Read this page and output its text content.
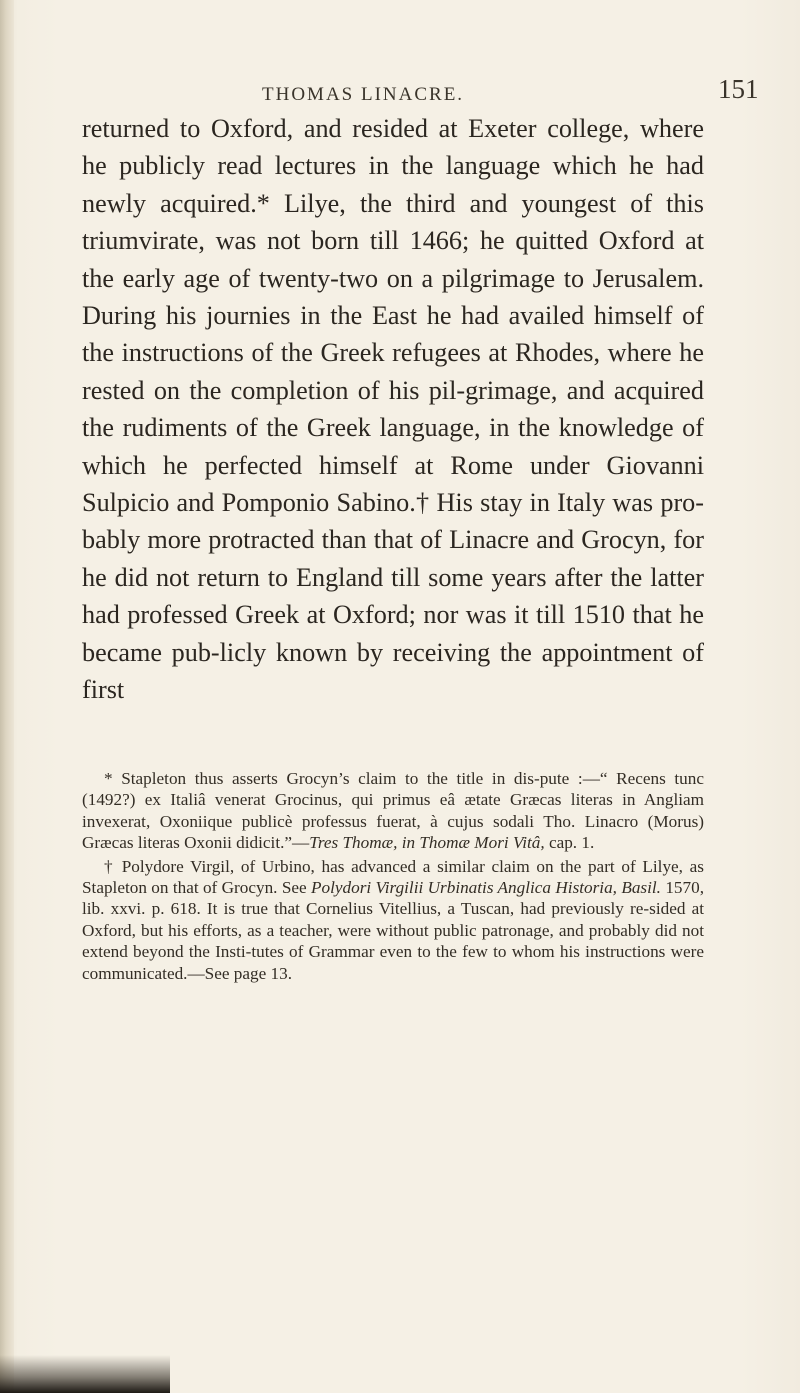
THOMAS LINACRE.	151

returned to Oxford, and resided at Exeter college, where he publicly read lectures in the language which he had newly acquired.* Lilye, the third and youngest of this triumvirate, was not born till 1466; he quitted Oxford at the early age of twenty-two on a pilgrimage to Jerusalem. During his journies in the East he had availed himself of the instructions of the Greek refugees at Rhodes, where he rested on the completion of his pil-grimage, and acquired the rudiments of the Greek language, in the knowledge of which he perfected himself at Rome under Giovanni Sulpicio and Pomponio Sabino.† His stay in Italy was pro-bably more protracted than that of Linacre and Grocyn, for he did not return to England till some years after the latter had professed Greek at Oxford; nor was it till 1510 that he became pub-licly known by receiving the appointment of first

* Stapleton thus asserts Grocyn’s claim to the title in dis-pute :—“ Recens tunc (1492?) ex Italiâ venerat Grocinus, qui primus eâ ætate Græcas literas in Angliam invexerat, Oxoniique publicè professus fuerat, à cujus sodali Tho. Linacro (Morus) Græcas literas Oxonii didicit.”—Tres Thomæ, in Thomæ Mori Vitâ, cap. 1.

† Polydore Virgil, of Urbino, has advanced a similar claim on the part of Lilye, as Stapleton on that of Grocyn. See Polydori Virgilii Urbinatis Anglica Historia, Basil. 1570, lib. xxvi. p. 618. It is true that Cornelius Vitellius, a Tuscan, had previously re-sided at Oxford, but his efforts, as a teacher, were without public patronage, and probably did not extend beyond the Insti-tutes of Grammar even to the few to whom his instructions were communicated.—See page 13.
